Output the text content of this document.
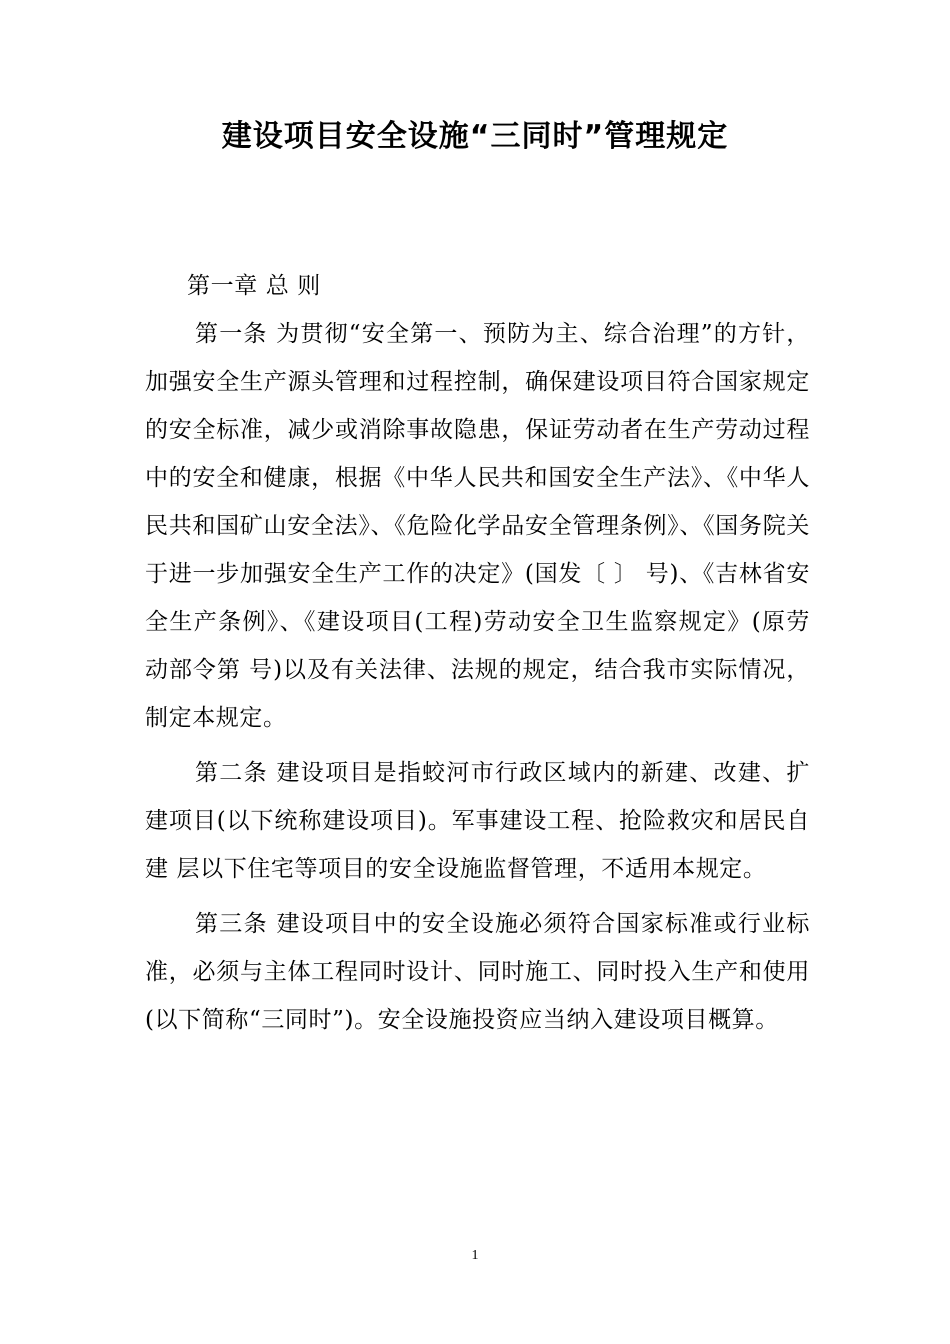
建设项目安全设施“三同时”管理规定

第一章 总 则

第一条 为贯彻“安全第一、预防为主、综合治理”的方针，加强安全生产源头管理和过程控制，确保建设项目符合国家规定的安全标准，减少或消除事故隐患，保证劳动者在生产劳动过程中的安全和健康，根据《中华人民共和国安全生产法》、《中华人民共和国矿山安全法》、《危险化学品安全管理条例》、《国务院关于进一步加强安全生产工作的决定》(国发〔 〕 号)、《吉林省安全生产条例》、《建设项目(工程)劳动安全卫生监察规定》(原劳动部令第 号)以及有关法律、法规的规定，结合我市实际情况，制定本规定。

第二条 建设项目是指蛟河市行政区域内的新建、改建、扩建项目(以下统称建设项目)。军事建设工程、抢险救灾和居民自建 层以下住宅等项目的安全设施监督管理，不适用本规定。

第三条 建设项目中的安全设施必须符合国家标准或行业标准，必须与主体工程同时设计、同时施工、同时投入生产和使用(以下简称“三同时”)。安全设施投资应当纳入建设项目概算。

1
